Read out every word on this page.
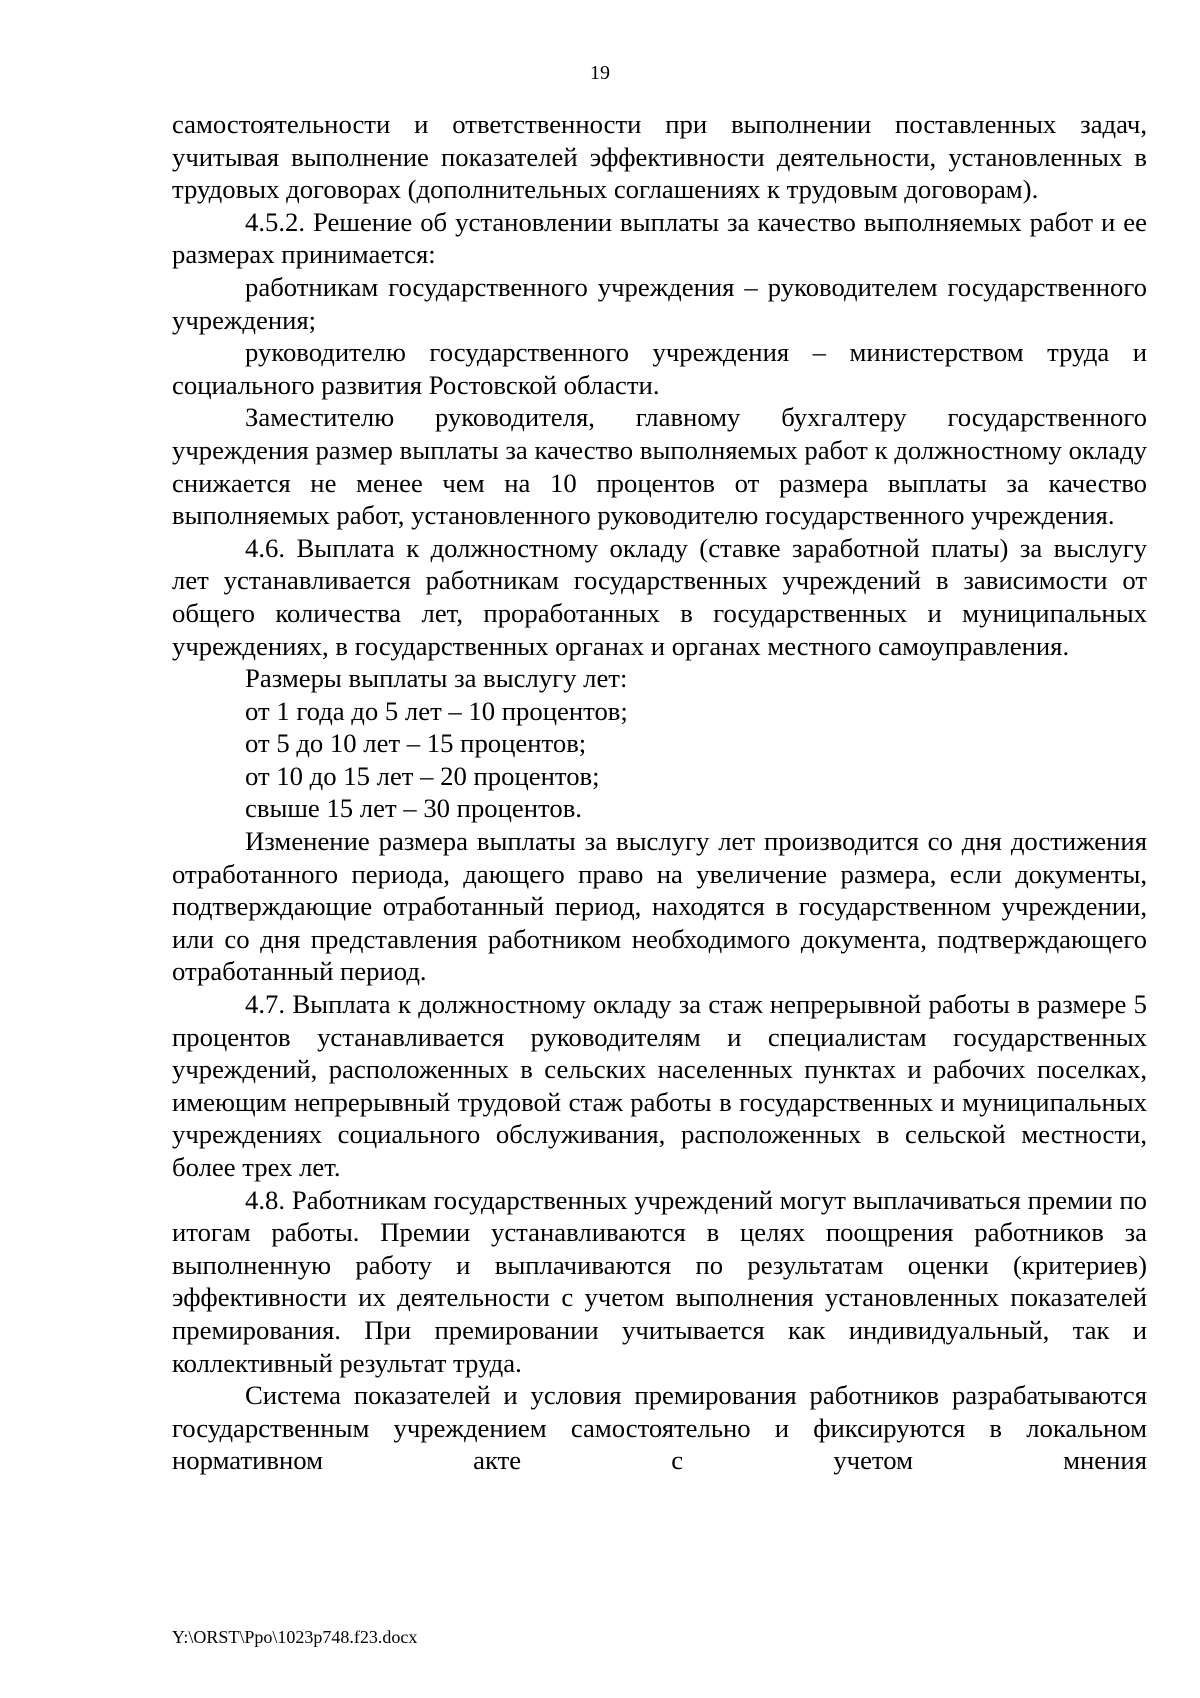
19

самостоятельности и ответственности при выполнении поставленных задач, учитывая выполнение показателей эффективности деятельности, установленных в трудовых договорах (дополнительных соглашениях к трудовым договорам).

4.5.2. Решение об установлении выплаты за качество выполняемых работ и ее размерах принимается:

работникам государственного учреждения – руководителем государственного учреждения;

руководителю государственного учреждения – министерством труда и социального развития Ростовской области.

Заместителю руководителя, главному бухгалтеру государственного учреждения размер выплаты за качество выполняемых работ к должностному окладу снижается не менее чем на 10 процентов от размера выплаты за качество выполняемых работ, установленного руководителю государственного учреждения.

4.6. Выплата к должностному окладу (ставке заработной платы) за выслугу лет устанавливается работникам государственных учреждений в зависимости от общего количества лет, проработанных в государственных и муниципальных учреждениях, в государственных органах и органах местного самоуправления.

Размеры выплаты за выслугу лет:

от 1 года до 5 лет – 10 процентов;

от 5 до 10 лет – 15 процентов;

от 10 до 15 лет – 20 процентов;

свыше 15 лет – 30 процентов.

Изменение размера выплаты за выслугу лет производится со дня достижения отработанного периода, дающего право на увеличение размера, если документы, подтверждающие отработанный период, находятся в государственном учреждении, или со дня представления работником необходимого документа, подтверждающего отработанный период.

4.7. Выплата к должностному окладу за стаж непрерывной работы в размере 5 процентов устанавливается руководителям и специалистам государственных учреждений, расположенных в сельских населенных пунктах и рабочих поселках, имеющим непрерывный трудовой стаж работы в государственных и муниципальных учреждениях социального обслуживания, расположенных в сельской местности, более трех лет.

4.8. Работникам государственных учреждений могут выплачиваться премии по итогам работы. Премии устанавливаются в целях поощрения работников за выполненную работу и выплачиваются по результатам оценки (критериев) эффективности их деятельности с учетом выполнения установленных показателей премирования. При премировании учитывается как индивидуальный, так и коллективный результат труда.

Система показателей и условия премирования работников разрабатываются государственным учреждением самостоятельно и фиксируются в локальном нормативном акте с учетом мнения

Y:\ORST\Ppo\1023p748.f23.docx
